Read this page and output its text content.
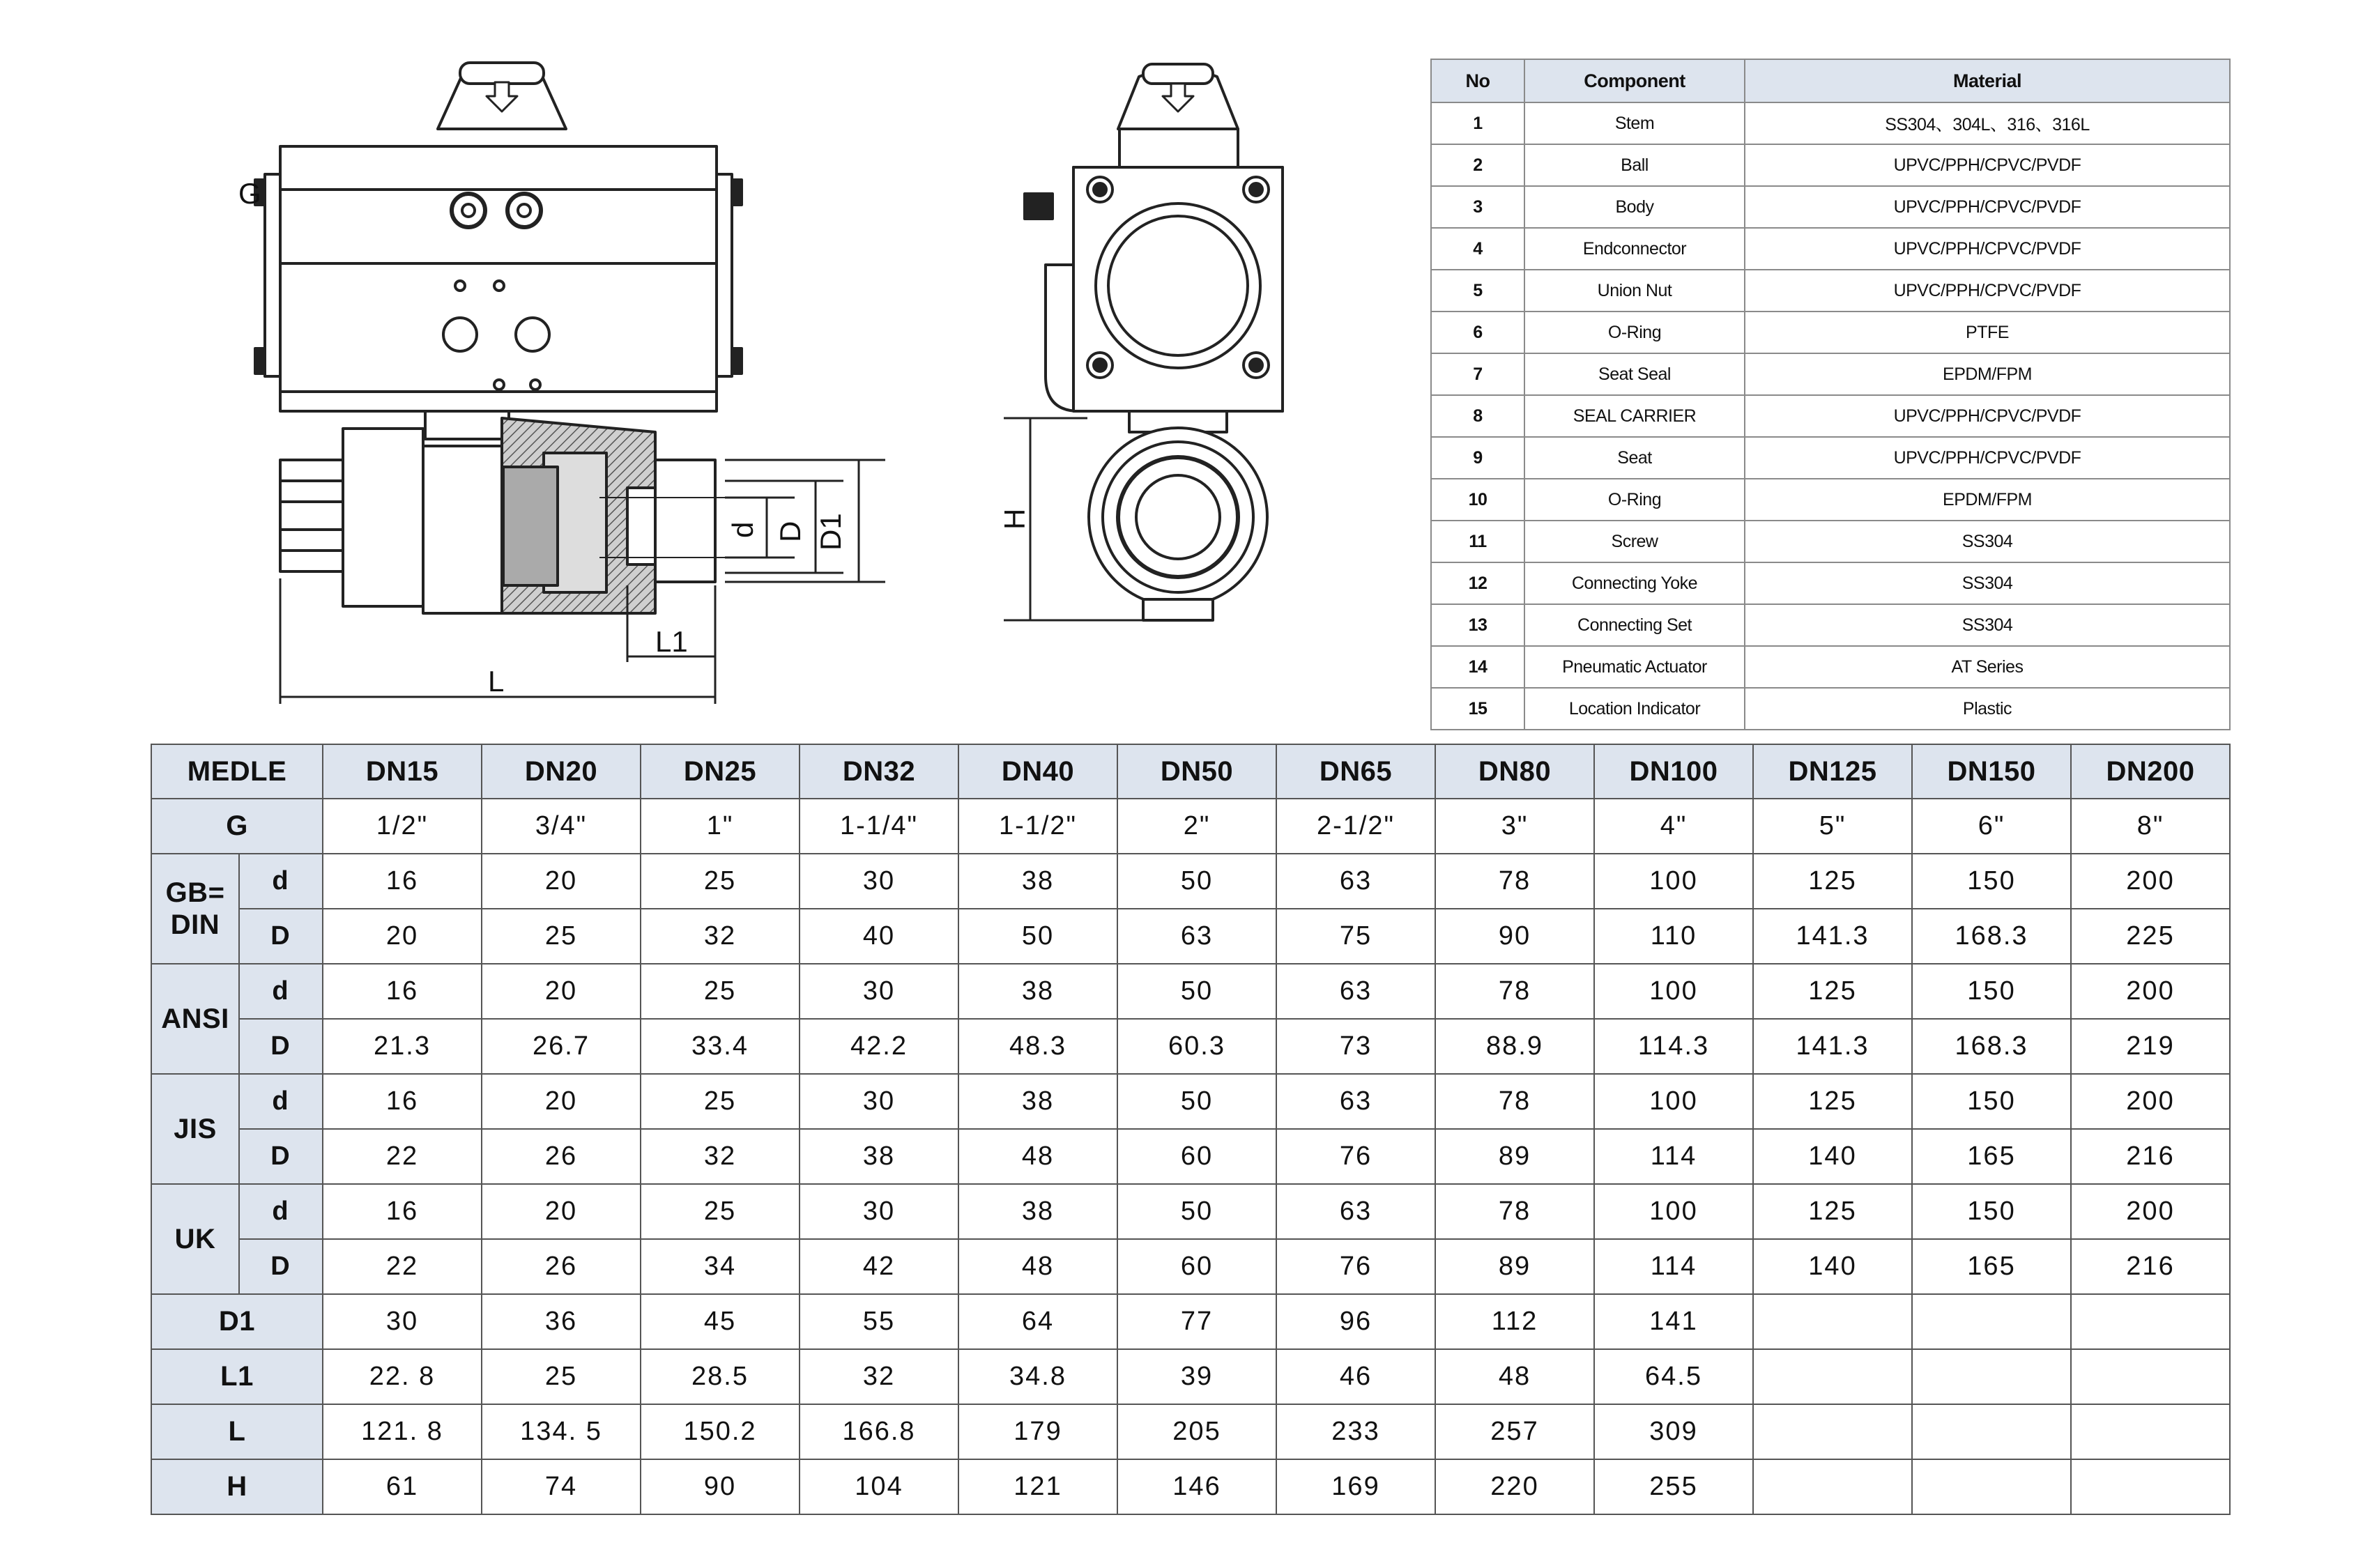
G
d D D1
L1
L
H
No	Component	Material
1	Stem	SS304、304L、316、316L
2	Ball	UPVC/PPH/CPVC/PVDF
3	Body	UPVC/PPH/CPVC/PVDF
4	Endconnector	UPVC/PPH/CPVC/PVDF
5	Union Nut	UPVC/PPH/CPVC/PVDF
6	O-Ring	PTFE
7	Seat Seal	EPDM/FPM
8	SEAL CARRIER	UPVC/PPH/CPVC/PVDF
9	Seat	UPVC/PPH/CPVC/PVDF
10	O-Ring	EPDM/FPM
11	Screw	SS304
12	Connecting Yoke	SS304
13	Connecting Set	SS304
14	Pneumatic Actuator	AT Series
15	Location Indicator	Plastic
MEDLE		DN15	DN20	DN25	DN32	DN40	DN50	DN65	DN80	DN100	DN125	DN150	DN200
G		1/2"	3/4"	1"	1-1/4"	1-1/2"	2"	2-1/2"	3"	4"	5"	6"	8"
GB=
DIN	d	16	20	25	30	38	50	63	78	100	125	150	200
	D	20	25	32	40	50	63	75	90	110	141.3	168.3	225
ANSI	d	16	20	25	30	38	50	63	78	100	125	150	200
	D	21.3	26.7	33.4	42.2	48.3	60.3	73	88.9	114.3	141.3	168.3	219
JIS	d	16	20	25	30	38	50	63	78	100	125	150	200
	D	22	26	32	38	48	60	76	89	114	140	165	216
UK	d	16	20	25	30	38	50	63	78	100	125	150	200
	D	22	26	34	42	48	60	76	89	114	140	165	216
D1		30	36	45	55	64	77	96	112	141			
L1		22. 8	25	28.5	32	34.8	39	46	48	64.5			
L		121. 8	134. 5	150.2	166.8	179	205	233	257	309			
H		61	74	90	104	121	146	169	220	255			
